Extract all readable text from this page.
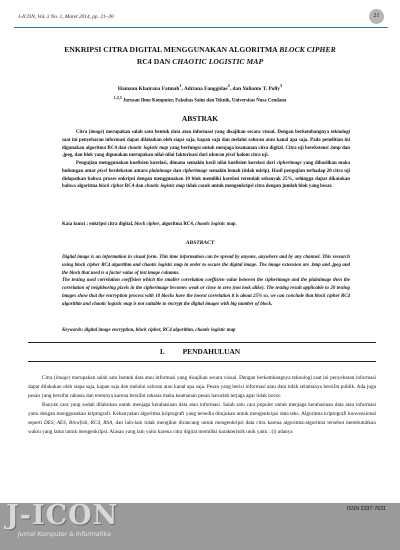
J-ICON, Vol. 2 No. 1, Maret 2014, pp. 21~30	21
ENKRIPSI CITRA DIGITAL MENGGUNAKAN ALGORITMA BLOCK CIPHER
RC4 DAN CHAOTIC LOGISTIC MAP
Hamzun Khairana Fatmah$^1$, Adriana Fanggidae$^2$, dan Yulianto T. Polly$^3$
$^{1,2,3}$ Jurusan Ilmu Komputer, Fakultas Sains dan Teknik, Universitas Nusa Cendana
ABSTRAK

Citra (image) merupakan salah satu bentuk data atau informasi yang disajikan secara visual. Dengan berkembangnya teknologi saat ini penyebaran informasi dapat dilakukan oleh siapa saja, kapan saja dan melalui saluran atau kanal apa saja. Pada penelitian ini digunakan algoritma RC4 dan chaotic logistic map yang berfungsi untuk menjaga keamanan citra digital. Citra uji berekstensi .bmp dan .jpeg, dan blok yang digunakan merupakan nilai-nilai faktorisasi dari ukuran pixel kolom citra uji.

Pengujian menggunakan koefisien korelasi, dimana semakin kecil nilai koefisien korelasi dari cipherimage yang dihasilkan maka hubungan antar pixel berdekatan antara plainimage dan cipherimage semakin lemah (tidak mirip). Hasil pengujian terhadap 20 citra uji didapatkan bahwa proses enkripsi dengan menggunakan 10 blok memiliki korelasi terendah sebanyak 25%, sehingga dapat dikatakan bahwa algoritma block cipher RC4 dan chaotic logistic map tidak cocok untuk mengenkripsi citra dengan jumlah blok yang besar.

Kata kunci : enkripsi citra digital, block cipher, algoritma RC4, chaotic logistic map.
ABSTRACT

Digital image is an information in visual form. This time information can be spread by anyone, anywhere and by any channel. This research using block cipher RC4 algorithm and chaotic logistic map in order to secure the digital image. The image extension are .bmp and .jpeg and the block that used is a factor value of test image columns.

The testing used correlation coeffisien which the smaller correlation coeffisien value between the cipherimage and the plainimage then the correlation of neighboring pixels in the cipherimage becomes weak or close to zero (not look alike). The testing result applicable to 20 testing images show that the encryption process with 10 blocks have the lowest correlation it is about 25% so, we can conclude that block cipher RC4 algorithm and chaotic logistic map is not suitable to encrypt the digital images with big number of block.

Keywords: digital image encryption, block cipher, RC4 algorithm, chaotic logistic map
I. PENDAHULUAN

Citra (image) merupakan salah satu bentuk data atau informasi yang disajikan secara visual. Dengan berkembangnya teknologi saat ini penyebaran informasi dapat dilakukan oleh siapa saja, kapan saja dan melalui saluran atau kanal apa saja. Pesan yang berisi informasi atau data tidak selamanya bersifat publik. Ada juga pesan yang bersifat rahasia dan tentunya karena bersifat rahasia maka keamanan pesan haruslah terjaga agar tidak bocor.

Banyak cara yang sudah dilakukan untuk menjaga kerahasiaan data atau informasi. Salah satu cara populer untuk menjaga kerahasiaan data atau informasi yaitu dengan menggunakan kriptografi. Kebanyakan algoritma kriptografi yang tersedia ditujukan untuk mengenkripsi data teks. Algoritma kriptografi konvensional seperti DES, AES, Blowfish, RC4, RSA, dan lain-lain tidak mengikut dirancang untuk mengenkripsi data citra karena algoritma-algoritma tersebut membutuhkan waktu yang lama untuk mengenkripsi. Alasan yang lain yaitu karena citra digital memiliki karakteristik unik yaitu : (i) adanya

J-ICON
Jurnal Komputer & Informatika
ISSN 2337-7631
